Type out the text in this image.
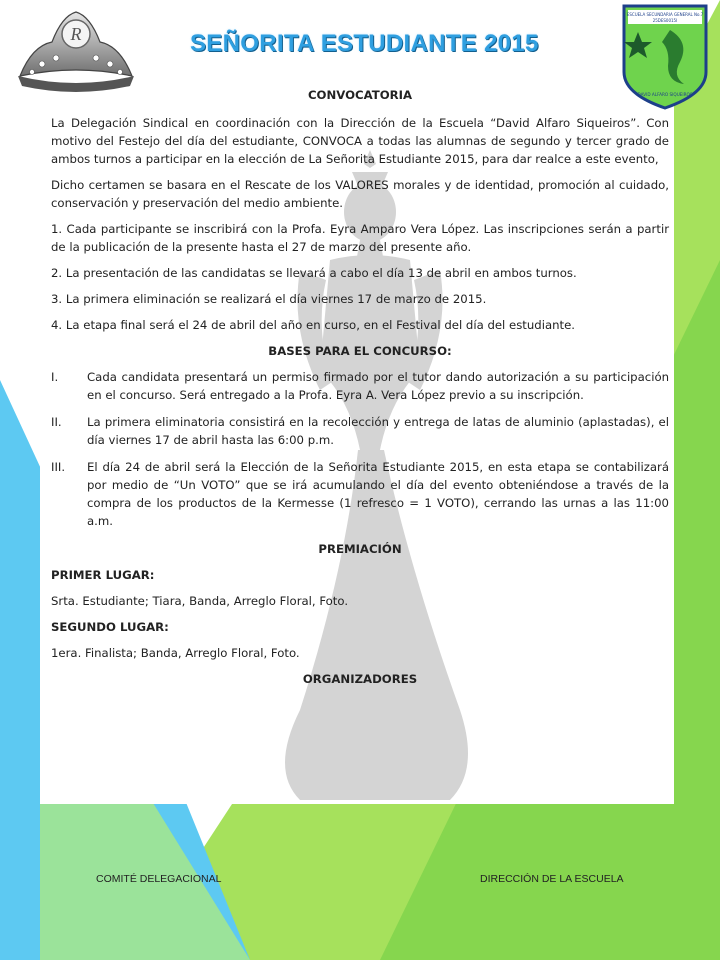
R	SEÑORITA ESTUDIANTE 2015
ESCUELA SECUNDARIA GENERAL No.7
25DES0015I
DAVID ALFARO SIQUEIROS

CONVOCATORIA

La Delegación Sindical en coordinación con la Dirección de la Escuela “David Alfaro Siqueiros”. Con motivo del Festejo del día del estudiante, CONVOCA a todas las alumnas de segundo y tercer grado de ambos turnos a participar en la elección de La Señorita Estudiante 2015, para dar realce a este evento,

Dicho certamen se basara en el Rescate de los VALORES morales y de identidad, promoción al cuidado, conservación y preservación del medio ambiente.

1. Cada participante se inscribirá con la Profa. Eyra Amparo Vera López. Las inscripciones serán a partir de la publicación de la presente hasta el 27 de marzo del presente año.

2. La presentación de las candidatas se llevará a cabo el día 13 de abril en ambos turnos.

3. La primera eliminación se realizará el día viernes 17 de marzo de 2015.

4. La etapa final será el 24 de abril del año en curso, en el Festival del día del estudiante.

BASES PARA EL CONCURSO:

I.	Cada candidata presentará un permiso firmado por el tutor dando autorización a su participación en el concurso. Será entregado a la Profa. Eyra A. Vera López previo a su inscripción.
II.	La primera eliminatoria consistirá en la recolección y entrega de latas de aluminio (aplastadas), el día viernes 17 de abril hasta las 6:00 p.m.
III.	El día 24 de abril será la Elección de la Señorita Estudiante 2015, en esta etapa se contabilizará por medio de “Un VOTO” que se irá acumulando el día del evento obteniéndose a través de la compra de los productos de la Kermesse (1 refresco = 1 VOTO), cerrando las urnas a las 11:00 a.m.

PREMIACIÓN

PRIMER LUGAR:

Srta. Estudiante; Tiara, Banda, Arreglo Floral, Foto.

SEGUNDO LUGAR:

1era. Finalista; Banda, Arreglo Floral, Foto.

ORGANIZADORES

COMITÉ DELEGACIONAL	DIRECCIÓN DE LA ESCUELA
